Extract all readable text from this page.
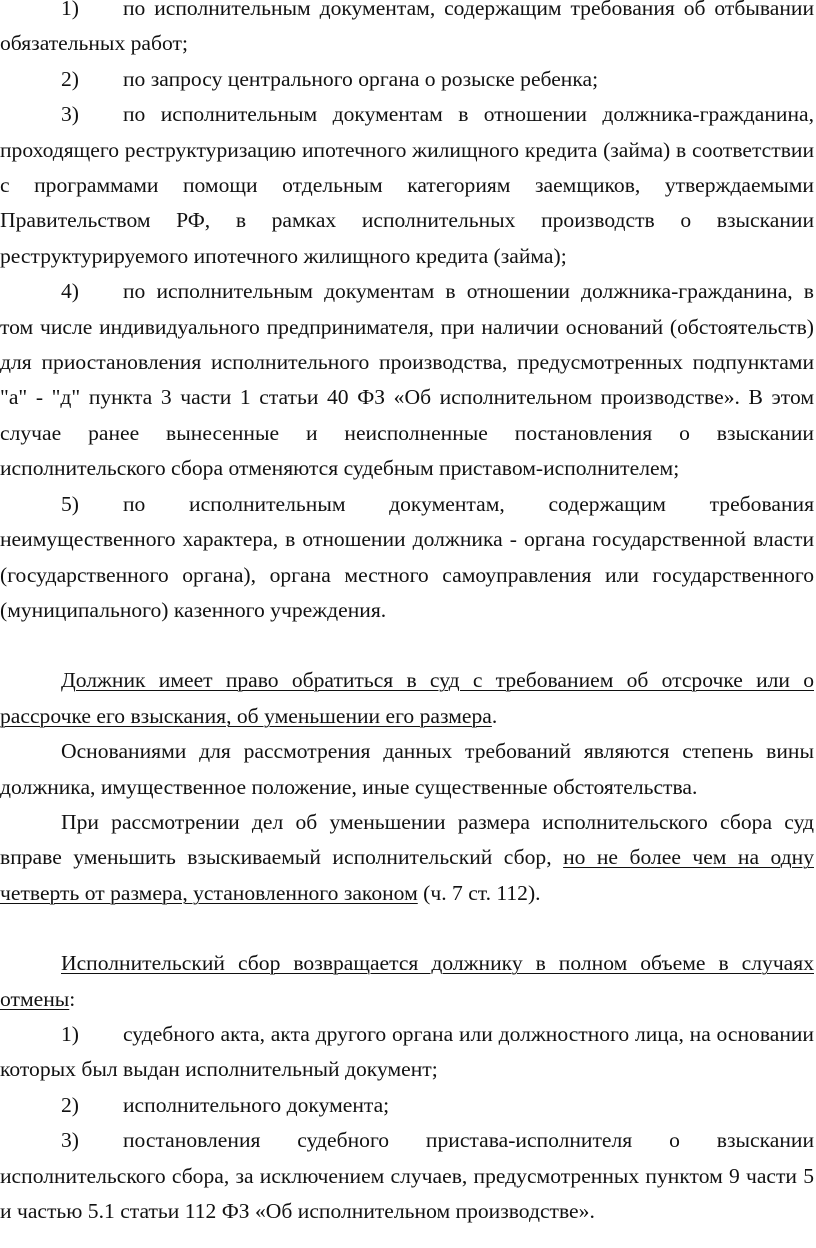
1) по исполнительным документам, содержащим требования об отбывании обязательных работ;

2) по запросу центрального органа о розыске ребенка;

3) по исполнительным документам в отношении должника-гражданина, проходящего реструктуризацию ипотечного жилищного кредита (займа) в соответствии с программами помощи отдельным категориям заемщиков, утверждаемыми Правительством РФ, в рамках исполнительных производств о взыскании реструктурируемого ипотечного жилищного кредита (займа);

4) по исполнительным документам в отношении должника-гражданина, в том числе индивидуального предпринимателя, при наличии оснований (обстоятельств) для приостановления исполнительного производства, предусмотренных подпунктами "а" - "д" пункта 3 части 1 статьи 40 ФЗ «Об исполнительном производстве». В этом случае ранее вынесенные и неисполненные постановления о взыскании исполнительского сбора отменяются судебным приставом-исполнителем;

5) по исполнительным документам, содержащим требования неимущественного характера, в отношении должника - органа государственной власти (государственного органа), органа местного самоуправления или государственного (муниципального) казенного учреждения.

Должник имеет право обратиться в суд с требованием об отсрочке или о рассрочке его взыскания, об уменьшении его размера.

Основаниями для рассмотрения данных требований являются степень вины должника, имущественное положение, иные существенные обстоятельства.

При рассмотрении дел об уменьшении размера исполнительского сбора суд вправе уменьшить взыскиваемый исполнительский сбор, но не более чем на одну четверть от размера, установленного законом (ч. 7 ст. 112).

Исполнительский сбор возвращается должнику в полном объеме в случаях отмены:

1) судебного акта, акта другого органа или должностного лица, на основании которых был выдан исполнительный документ;

2) исполнительного документа;

3) постановления судебного пристава-исполнителя о взыскании исполнительского сбора, за исключением случаев, предусмотренных пунктом 9 части 5 и частью 5.1 статьи 112 ФЗ «Об исполнительном производстве».
